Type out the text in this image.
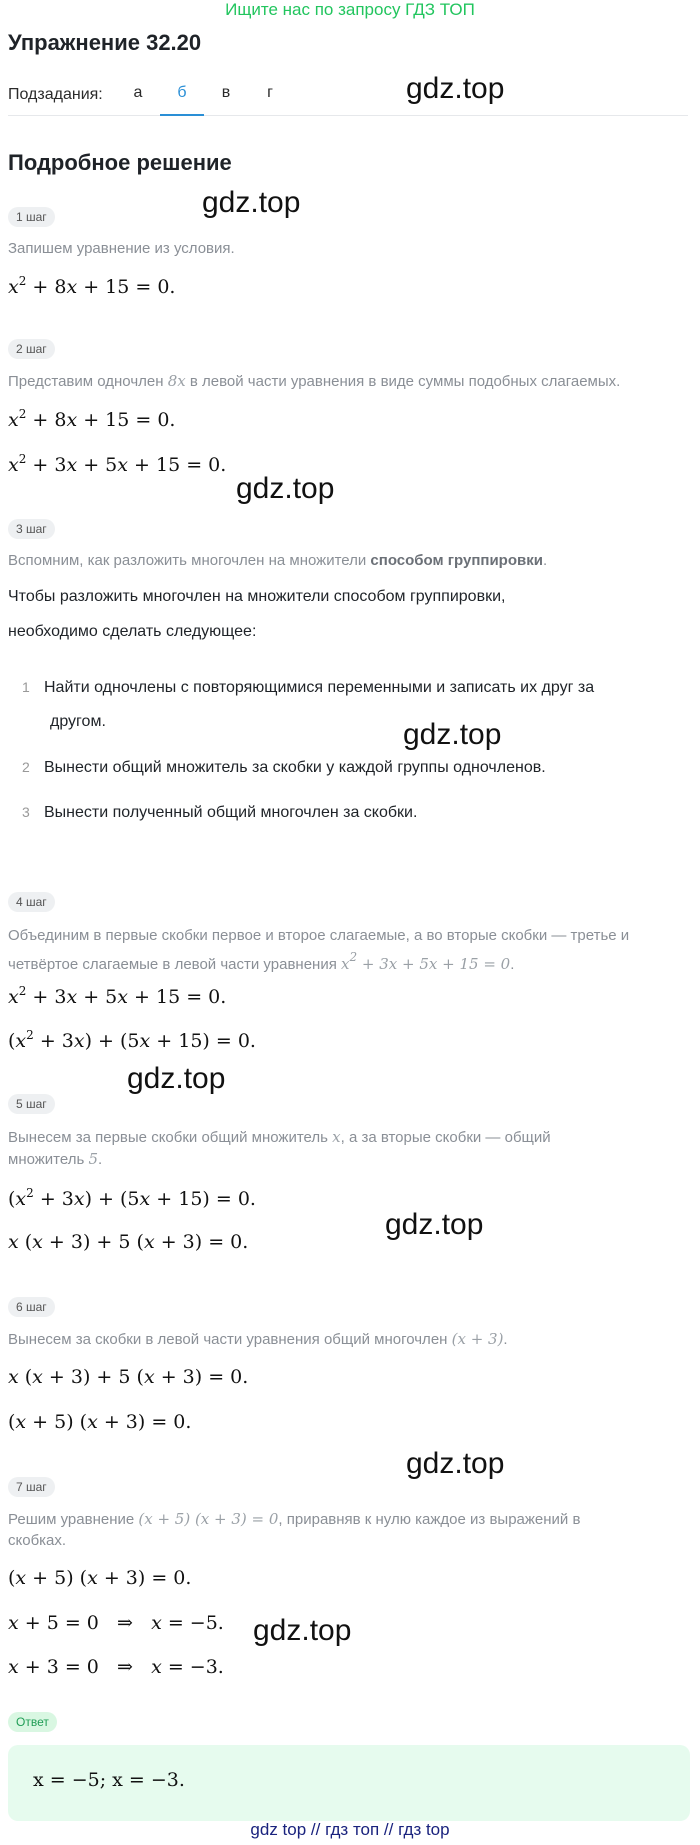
Ищите нас по запросу ГДЗ ТОП
Упражнение 32.20
Подзадания:	а	б	в	г	gdz.top
gdz.top
gdz.top
gdz.top
gdz.top
gdz.top
gdz.top
gdz.top
Подробное решение
1 шаг
Запишем уравнение из условия.
$x^2 + 8x + 15 = 0$.
2 шаг
Представим одночлен 8x в левой части уравнения в виде суммы подобных слагаемых.
$x^2 + 8x + 15 = 0$.
$x^2 + 3x + 5x + 15 = 0$.
3 шаг
Вспомним, как разложить многочлен на множители способом группировки.
Чтобы разложить многочлен на множители способом группировки,
необходимо сделать следующее:
1 Найти одночлены с повторяющимися переменными и записать их друг за
другом.
2 Вынести общий множитель за скобки у каждой группы одночленов.
3 Вынести полученный общий многочлен за скобки.
4 шаг
Объединим в первые скобки первое и второе слагаемые, а во вторые скобки — третье и
четвёртое слагаемые в левой части уравнения $x^2 + 3x + 5x + 15 = 0$.
$x^2 + 3x + 5x + 15 = 0$.
$(x^2 + 3x) + (5x + 15) = 0$.
5 шаг
Вынесем за первые скобки общий множитель x, а за вторые скобки — общий
множитель 5.
$(x^2 + 3x) + (5x + 15) = 0$.
x (x + 3) + 5 (x + 3) = 0.
6 шаг
Вынесем за скобки в левой части уравнения общий многочлен (x + 3).
x (x + 3) + 5 (x + 3) = 0.
(x + 5) (x + 3) = 0.
7 шаг
Решим уравнение (x + 5) (x + 3) = 0, приравняв к нулю каждое из выражений в
скобках.
(x + 5) (x + 3) = 0.
x + 5 = 0   ⇒   x = −5.
x + 3 = 0   ⇒   x = −3.
Ответ
x = −5; x = −3.
gdz top // гдз топ // гдз top
